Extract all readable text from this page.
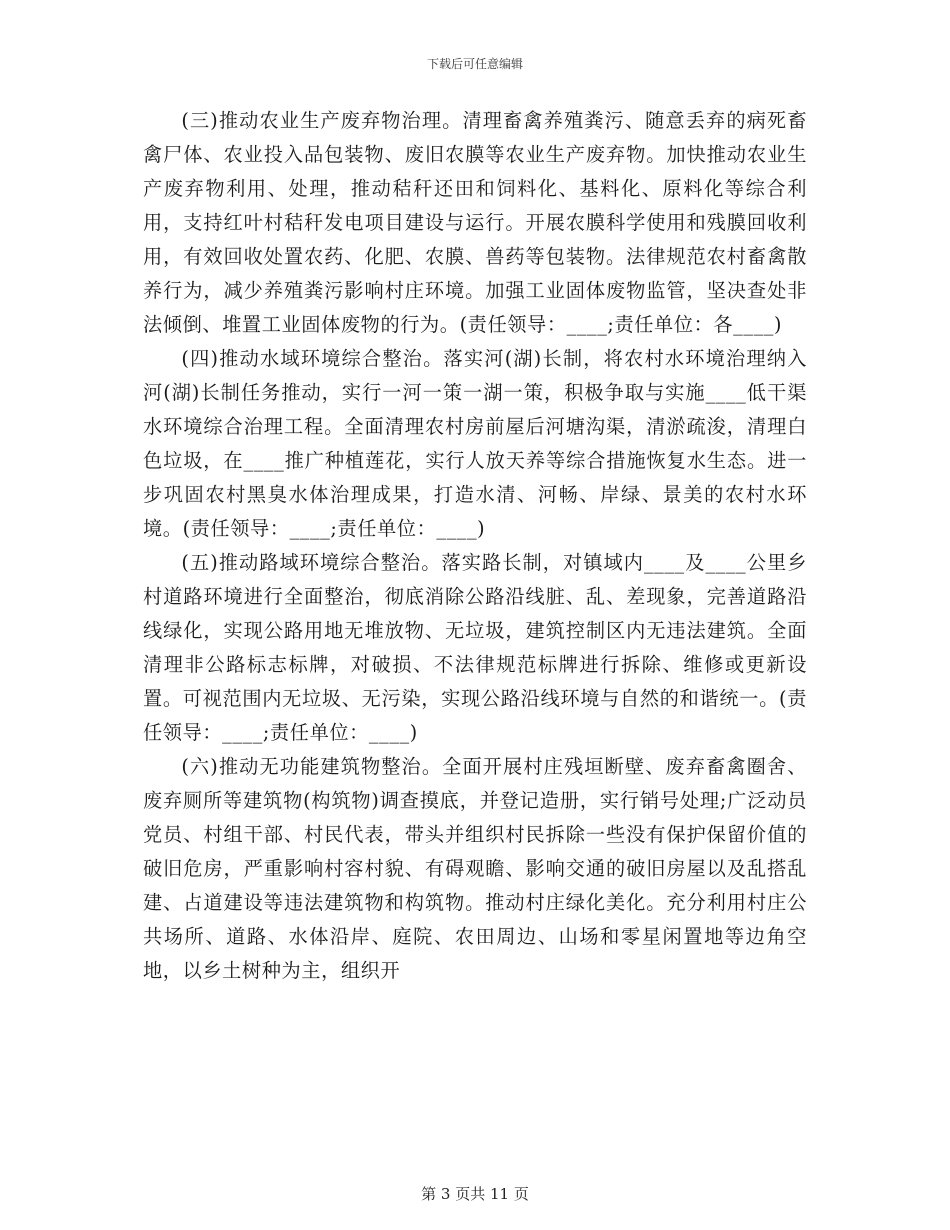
下载后可任意编辑

(三)推动农业生产废弃物治理。清理畜禽养殖粪污、随意丢弃的病死畜禽尸体、农业投入品包装物、废旧农膜等农业生产废弃物。加快推动农业生产废弃物利用、处理，推动秸秆还田和饲料化、基料化、原料化等综合利用，支持红叶村秸秆发电项目建设与运行。开展农膜科学使用和残膜回收利用，有效回收处置农药、化肥、农膜、兽药等包装物。法律规范农村畜禽散养行为，减少养殖粪污影响村庄环境。加强工业固体废物监管，坚决查处非法倾倒、堆置工业固体废物的行为。(责任领导：____;责任单位：各____)

(四)推动水域环境综合整治。落实河(湖)长制，将农村水环境治理纳入河(湖)长制任务推动，实行一河一策一湖一策，积极争取与实施____低干渠水环境综合治理工程。全面清理农村房前屋后河塘沟渠，清淤疏浚，清理白色垃圾，在____推广种植莲花，实行人放天养等综合措施恢复水生态。进一步巩固农村黑臭水体治理成果，打造水清、河畅、岸绿、景美的农村水环境。(责任领导：____;责任单位：____)

(五)推动路域环境综合整治。落实路长制，对镇域内____及____公里乡村道路环境进行全面整治，彻底消除公路沿线脏、乱、差现象，完善道路沿线绿化，实现公路用地无堆放物、无垃圾，建筑控制区内无违法建筑。全面清理非公路标志标牌，对破损、不法律规范标牌进行拆除、维修或更新设置。可视范围内无垃圾、无污染，实现公路沿线环境与自然的和谐统一。(责任领导：____;责任单位：____)

(六)推动无功能建筑物整治。全面开展村庄残垣断壁、废弃畜禽圈舍、废弃厕所等建筑物(构筑物)调查摸底，并登记造册，实行销号处理;广泛动员党员、村组干部、村民代表，带头并组织村民拆除一些没有保护保留价值的破旧危房，严重影响村容村貌、有碍观瞻、影响交通的破旧房屋以及乱搭乱建、占道建设等违法建筑物和构筑物。推动村庄绿化美化。充分利用村庄公共场所、道路、水体沿岸、庭院、农田周边、山场和零星闲置地等边角空地，以乡土树种为主，组织开

第 3 页共 11 页
